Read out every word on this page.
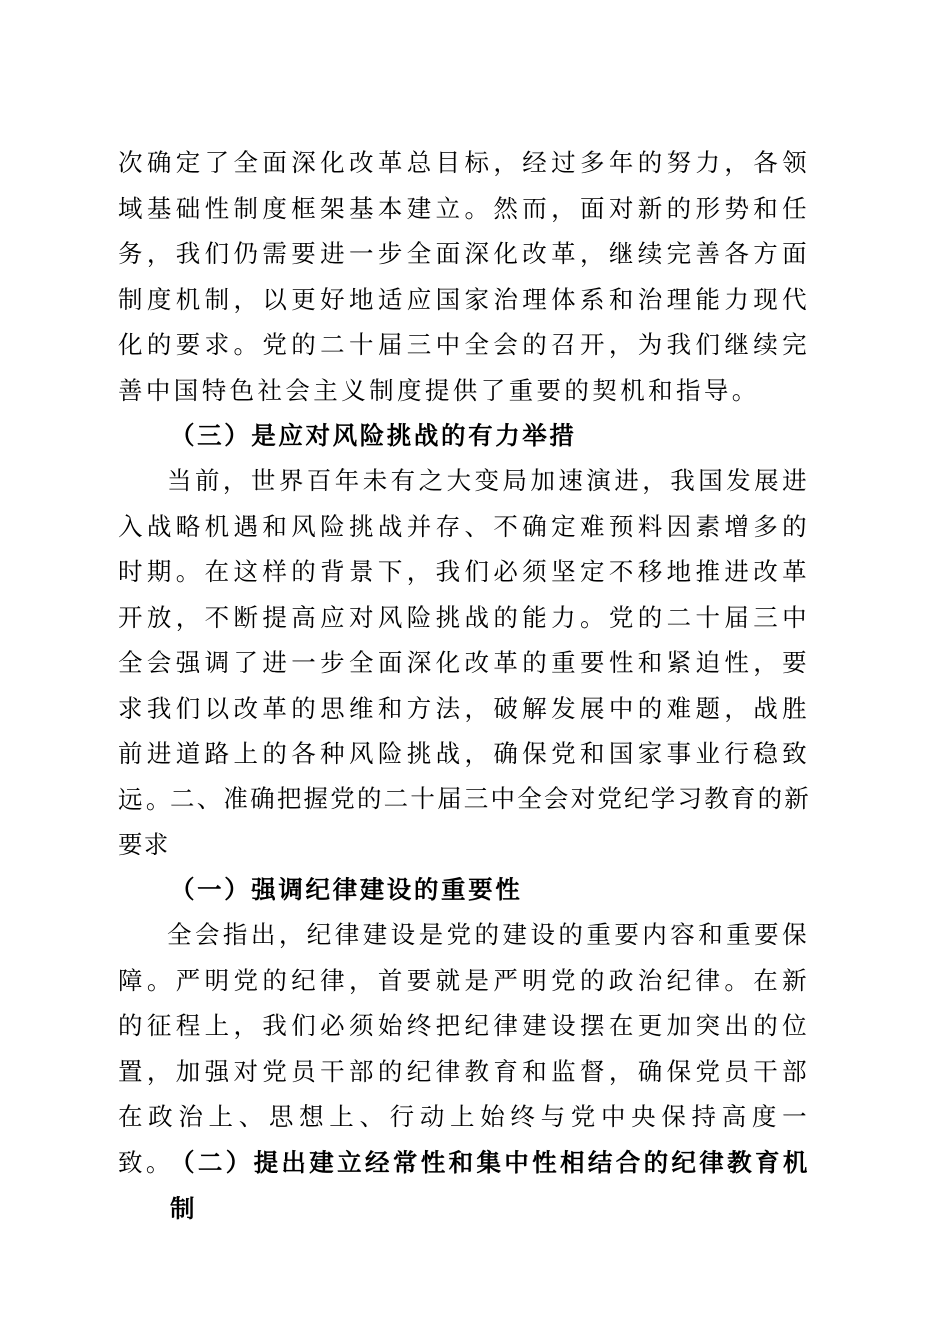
次确定了全面深化改革总目标，经过多年的努力，各领域基础性制度框架基本建立。然而，面对新的形势和任务，我们仍需要进一步全面深化改革，继续完善各方面制度机制，以更好地适应国家治理体系和治理能力现代化的要求。党的二十届三中全会的召开，为我们继续完善中国特色社会主义制度提供了重要的契机和指导。

（三）是应对风险挑战的有力举措

当前，世界百年未有之大变局加速演进，我国发展进入战略机遇和风险挑战并存、不确定难预料因素增多的时期。在这样的背景下，我们必须坚定不移地推进改革开放，不断提高应对风险挑战的能力。党的二十届三中全会强调了进一步全面深化改革的重要性和紧迫性，要求我们以改革的思维和方法，破解发展中的难题，战胜前进道路上的各种风险挑战，确保党和国家事业行稳致远。

二、准确把握党的二十届三中全会对党纪学习教育的新要求

（一）强调纪律建设的重要性

全会指出，纪律建设是党的建设的重要内容和重要保障。严明党的纪律，首要就是严明党的政治纪律。在新的征程上，我们必须始终把纪律建设摆在更加突出的位置，加强对党员干部的纪律教育和监督，确保党员干部在政治上、思想上、行动上始终与党中央保持高度一致。

（二）提出建立经常性和集中性相结合的纪律教育机制
